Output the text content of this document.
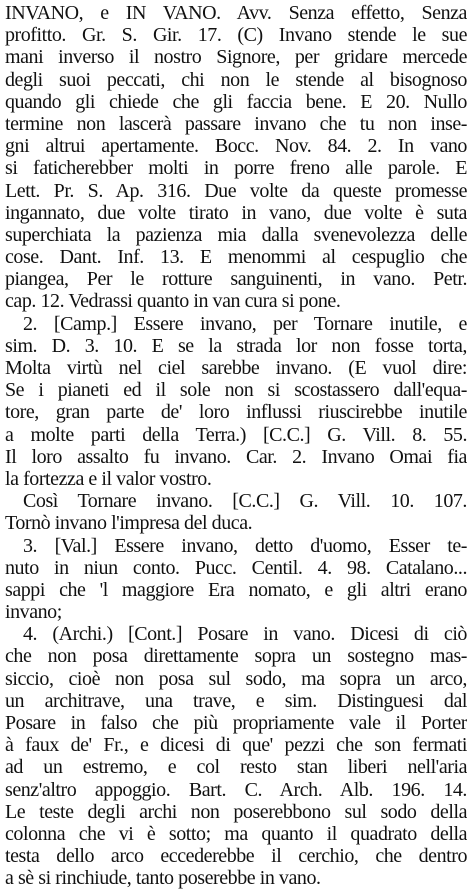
INVANO, e IN VANO. Avv. Senza effetto, Senza
profitto. Gr. S. Gir. 17. (C) Invano stende le sue
mani inverso il nostro Signore, per gridare mercede
degli suoi peccati, chi non le stende al bisognoso
quando gli chiede che gli faccia bene. E 20. Nullo
termine non lascerà passare invano che tu non inse-
gni altrui apertamente. Bocc. Nov. 84. 2. In vano
si faticherebber molti in porre freno alle parole. E
Lett. Pr. S. Ap. 316. Due volte da queste promesse
ingannato, due volte tirato in vano, due volte è suta
superchiata la pazienza mia dalla svenevolezza delle
cose. Dant. Inf. 13. E menommi al cespuglio che
piangea, Per le rotture sanguinenti, in vano. Petr.
cap. 12. Vedrassi quanto in van cura si pone.
2. [Camp.] Essere invano, per Tornare inutile, e
sim. D. 3. 10. E se la strada lor non fosse torta,
Molta virtù nel ciel sarebbe invano. (E vuol dire:
Se i pianeti ed il sole non si scostassero dall'equa-
tore, gran parte de' loro influssi riuscirebbe inutile
a molte parti della Terra.) [C.C.] G. Vill. 8. 55.
Il loro assalto fu invano. Car. 2. Invano Omai fia
la fortezza e il valor vostro.
Così Tornare invano. [C.C.] G. Vill. 10. 107.
Tornò invano l'impresa del duca.
3. [Val.] Essere invano, detto d'uomo, Esser te-
nuto in niun conto. Pucc. Centil. 4. 98. Catalano...
sappi che 'l maggiore Era nomato, e gli altri erano
invano;
4. (Archi.) [Cont.] Posare in vano. Dicesi di ciò
che non posa direttamente sopra un sostegno mas-
siccio, cioè non posa sul sodo, ma sopra un arco,
un architrave, una trave, e sim. Distinguesi dal
Posare in falso che più propriamente vale il Porter
à faux de' Fr., e dicesi di que' pezzi che son fermati
ad un estremo, e col resto stan liberi nell'aria
senz'altro appoggio. Bart. C. Arch. Alb. 196. 14.
Le teste degli archi non poserebbono sul sodo della
colonna che vi è sotto; ma quanto il quadrato della
testa dello arco eccederebbe il cerchio, che dentro
a sè si rinchiude, tanto poserebbe in vano.
